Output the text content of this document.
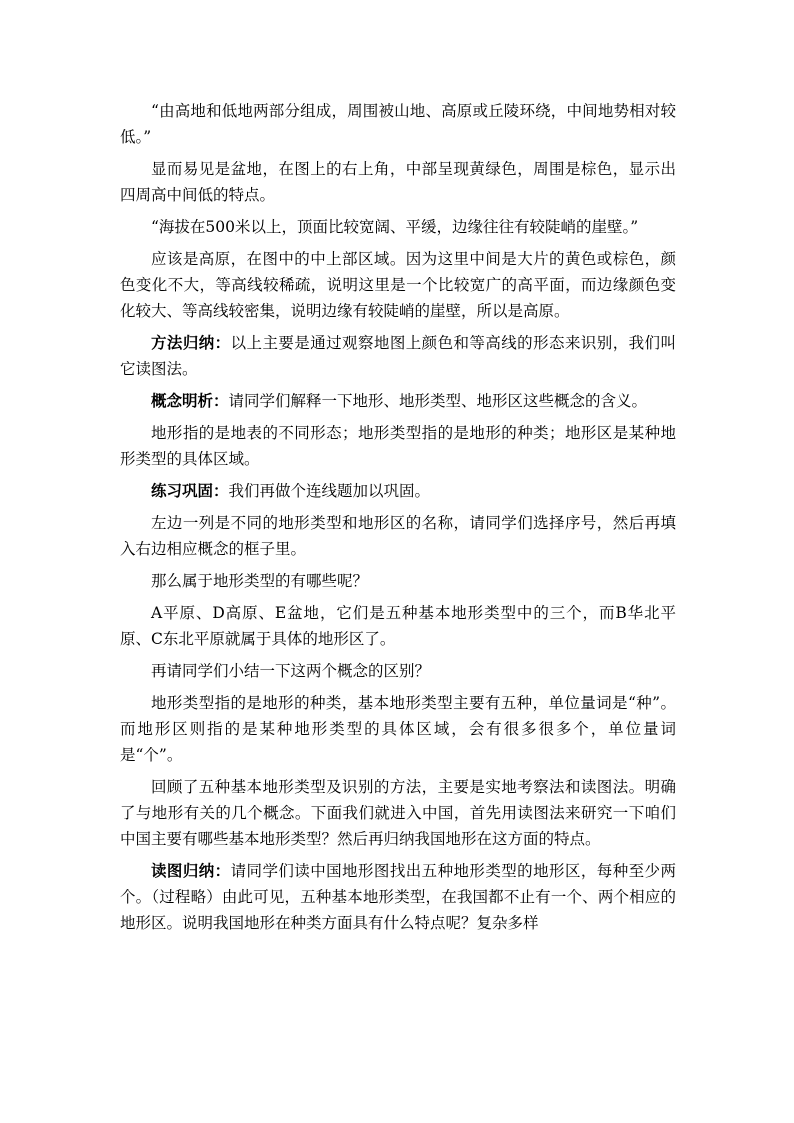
“由高地和低地两部分组成，周围被山地、高原或丘陵环绕，中间地势相对较低。”

显而易见是盆地，在图上的右上角，中部呈现黄绿色，周围是棕色，显示出四周高中间低的特点。

“海拔在500米以上，顶面比较宽阔、平缓，边缘往往有较陡峭的崖壁。”

应该是高原，在图中的中上部区域。因为这里中间是大片的黄色或棕色，颜色变化不大，等高线较稀疏，说明这里是一个比较宽广的高平面，而边缘颜色变化较大、等高线较密集，说明边缘有较陡峭的崖壁，所以是高原。

方法归纳：以上主要是通过观察地图上颜色和等高线的形态来识别，我们叫它读图法。

概念明析：请同学们解释一下地形、地形类型、地形区这些概念的含义。

地形指的是地表的不同形态；地形类型指的是地形的种类；地形区是某种地形类型的具体区域。

练习巩固：我们再做个连线题加以巩固。

左边一列是不同的地形类型和地形区的名称，请同学们选择序号，然后再填入右边相应概念的框子里。

那么属于地形类型的有哪些呢？

A平原、D高原、E盆地，它们是五种基本地形类型中的三个，而B华北平原、C东北平原就属于具体的地形区了。

再请同学们小结一下这两个概念的区别？

地形类型指的是地形的种类，基本地形类型主要有五种，单位量词是“种”。而地形区则指的是某种地形类型的具体区域，会有很多很多个，单位量词是“个”。

回顾了五种基本地形类型及识别的方法，主要是实地考察法和读图法。明确了与地形有关的几个概念。下面我们就进入中国，首先用读图法来研究一下咱们中国主要有哪些基本地形类型？然后再归纳我国地形在这方面的特点。

读图归纳：请同学们读中国地形图找出五种地形类型的地形区，每种至少两个。（过程略）由此可见，五种基本地形类型，在我国都不止有一个、两个相应的地形区。说明我国地形在种类方面具有什么特点呢？复杂多样
